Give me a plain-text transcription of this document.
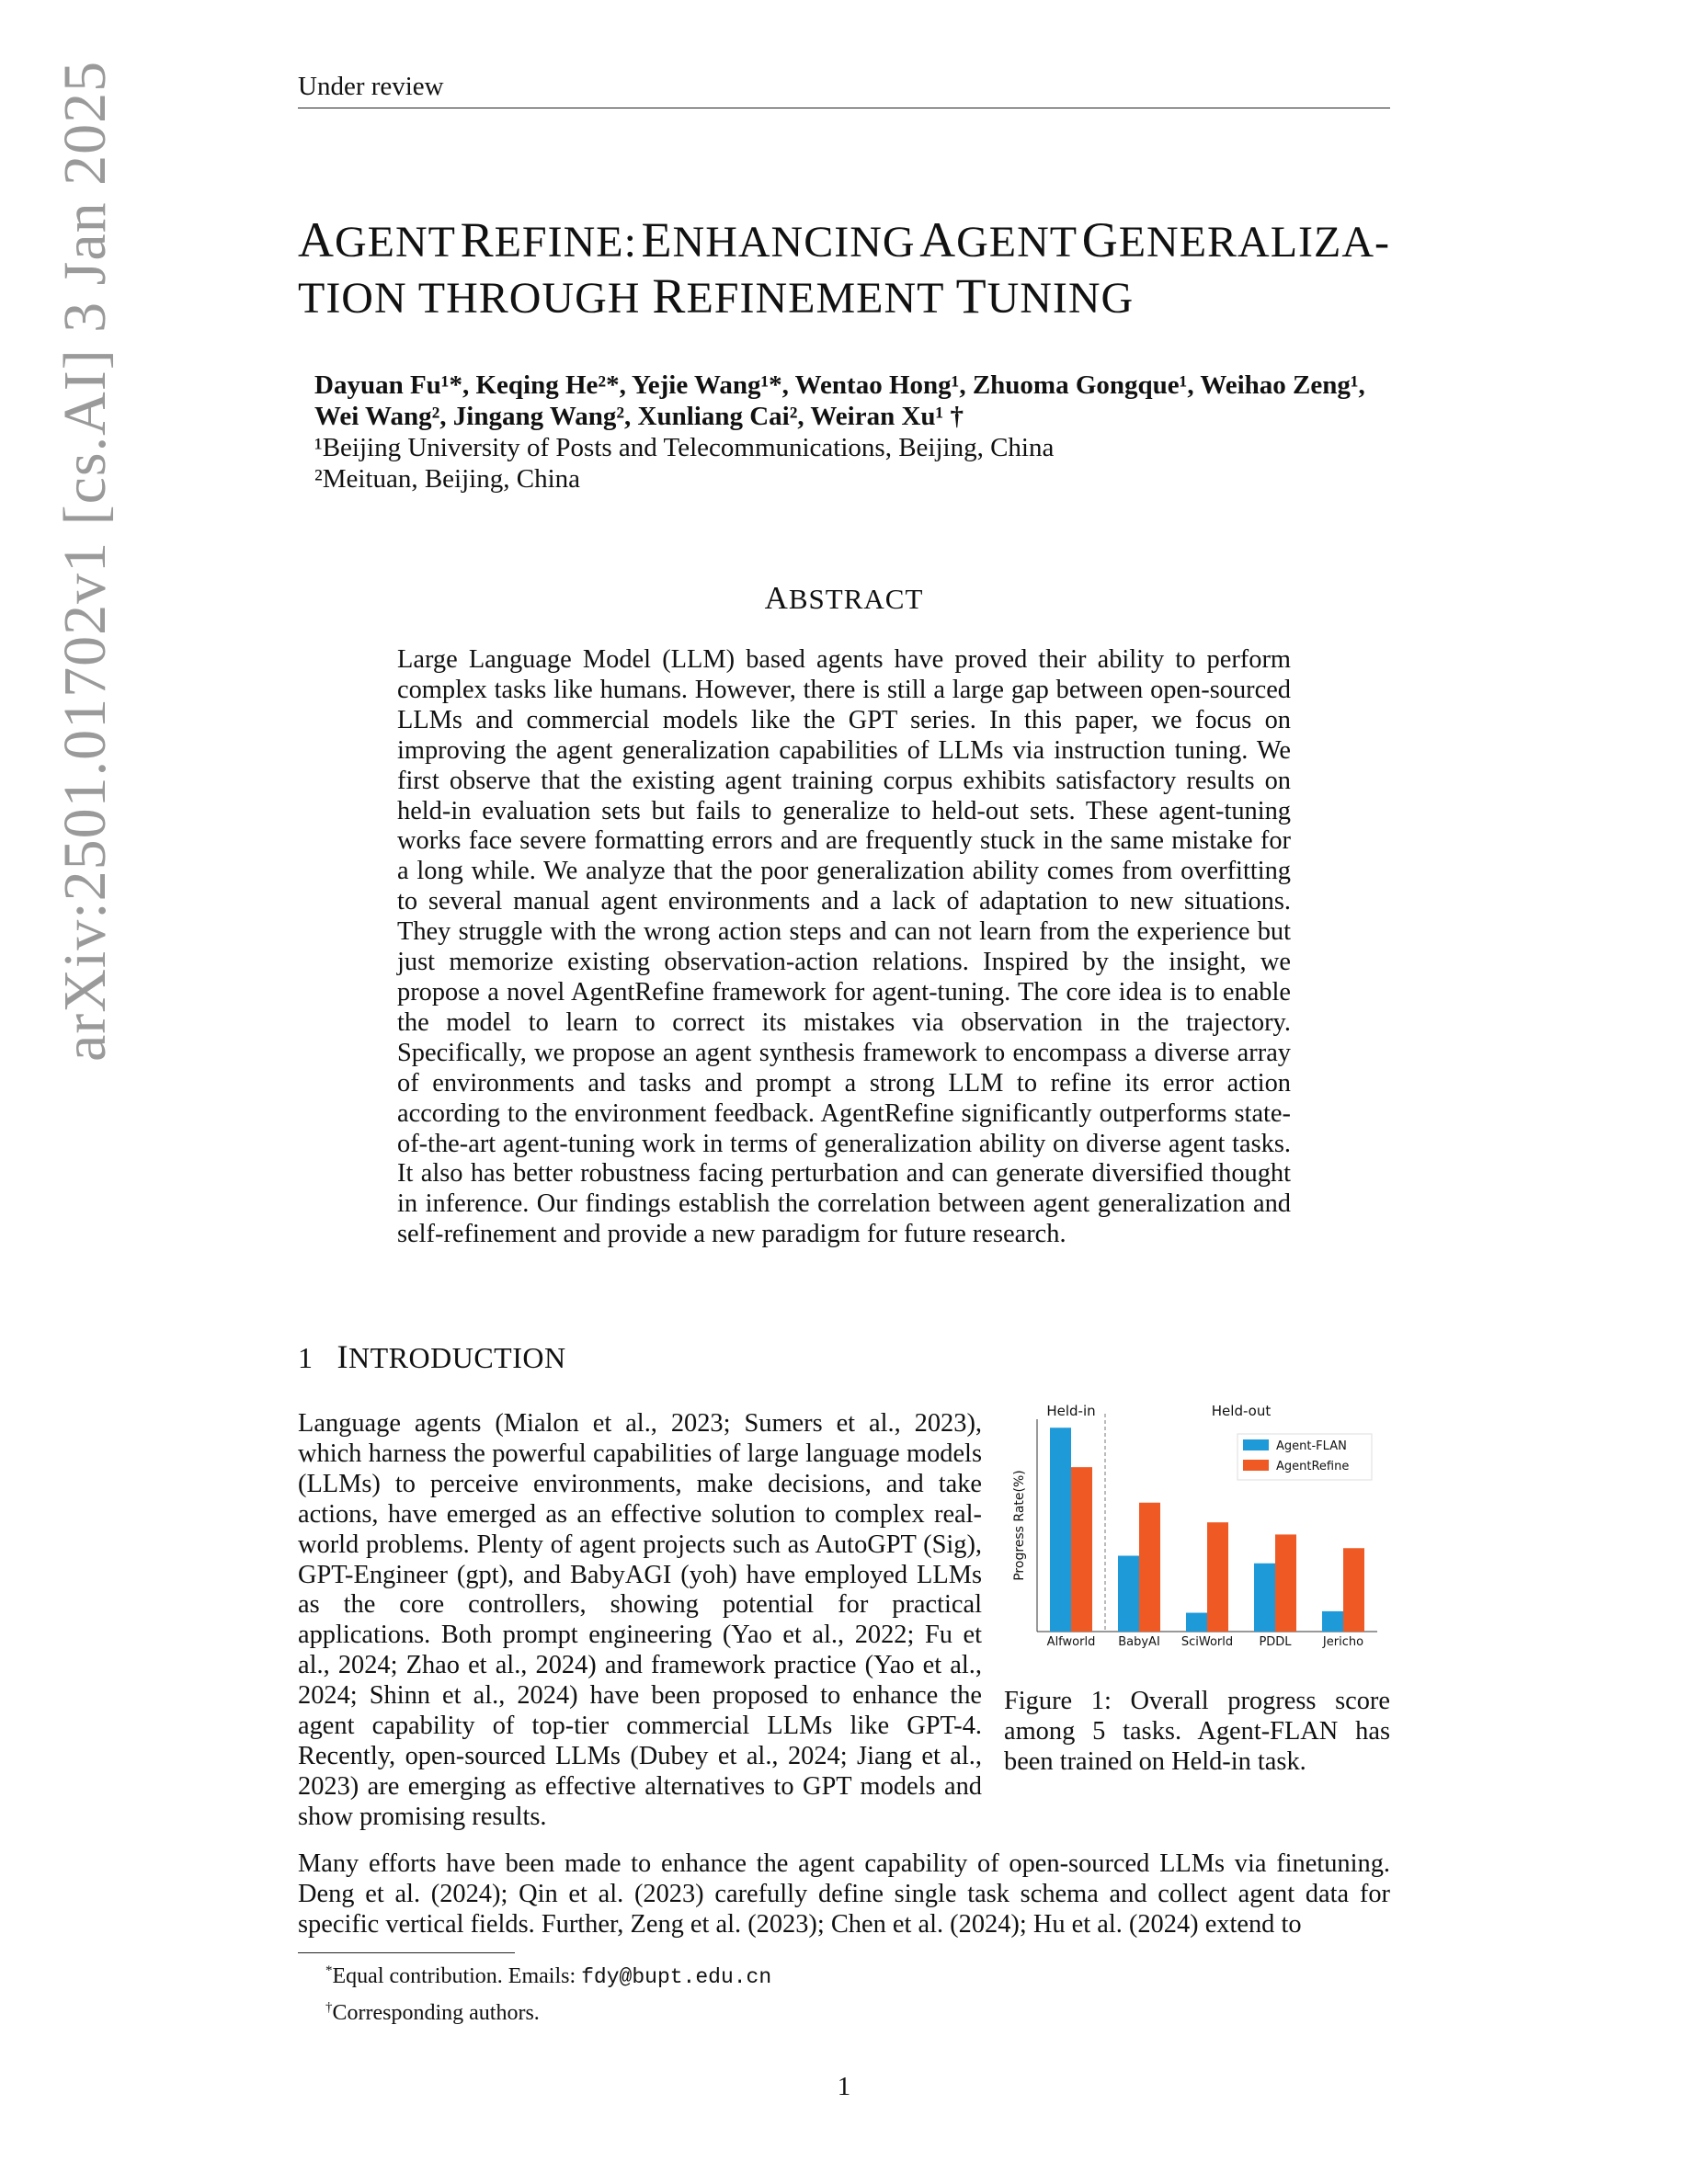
Under review
arXiv:2501.01702v1 [cs.AI] 3 Jan 2025	AGENT REFINE: ENHANCING AGENT GENERALIZA-
TION THROUGH REFINEMENT TUNING
Dayuan Fu¹*, Keqing He²*, Yejie Wang¹*, Wentao Hong¹, Zhuoma Gongque¹, Weihao Zeng¹,
Wei Wang², Jingang Wang², Xunliang Cai², Weiran Xu¹ †
¹Beijing University of Posts and Telecommunications, Beijing, China
²Meituan, Beijing, China
ABSTRACT
Large Language Model (LLM) based agents have proved their ability to perform complex tasks like humans. However, there is still a large gap between open-sourced LLMs and commercial models like the GPT series. In this paper, we focus on improving the agent generalization capabilities of LLMs via instruction tuning. We first observe that the existing agent training corpus exhibits satisfactory results on held-in evaluation sets but fails to generalize to held-out sets. These agent-tuning works face severe formatting errors and are frequently stuck in the same mistake for a long while. We analyze that the poor generalization ability comes from overfitting to several manual agent environments and a lack of adaptation to new situations. They struggle with the wrong action steps and can not learn from the experience but just memorize existing observation-action relations. Inspired by the insight, we propose a novel AgentRefine framework for agent-tuning. The core idea is to enable the model to learn to correct its mistakes via observation in the trajectory. Specifically, we propose an agent synthesis framework to encompass a diverse array of environments and tasks and prompt a strong LLM to refine its error action according to the environment feedback. AgentRefine significantly outperforms state-of-the-art agent-tuning work in terms of generalization ability on diverse agent tasks. It also has better robustness facing perturbation and can generate diversified thought in inference. Our findings establish the correlation between agent generalization and self-refinement and provide a new paradigm for future research.
1 INTRODUCTION
Language agents (Mialon et al., 2023; Sumers et al., 2023), which harness the powerful capabilities of large language models (LLMs) to perceive environments, make decisions, and take actions, have emerged as an effective solution to complex real-world problems. Plenty of agent projects such as AutoGPT (Sig), GPT-Engineer (gpt), and BabyAGI (yoh) have employed LLMs as the core controllers, showing potential for practical applications. Both prompt engineering (Yao et al., 2022; Fu et al., 2024; Zhao et al., 2024) and framework practice (Yao et al., 2024; Shinn et al., 2024) have been proposed to enhance the agent capability of top-tier commercial LLMs like GPT-4. Recently, open-sourced LLMs (Dubey et al., 2024; Jiang et al., 2023) are emerging as effective alternatives to GPT models and show promising results.
Alfworld BabyAI SciWorld PDDL	Jericho
Held-in	Held-out
Progress Rate(%)
Agent-FLAN
AgentRefine
Figure 1: Overall progress score among 5 tasks. Agent-FLAN has been trained on Held-in task.
Many efforts have been made to enhance the agent capability of open-sourced LLMs via finetuning. Deng et al. (2024); Qin et al. (2023) carefully define single task schema and collect agent data for specific vertical fields. Further, Zeng et al. (2023); Chen et al. (2024); Hu et al. (2024) extend to
*Equal contribution. Emails: fdy@bupt.edu.cn
†Corresponding authors.
1
